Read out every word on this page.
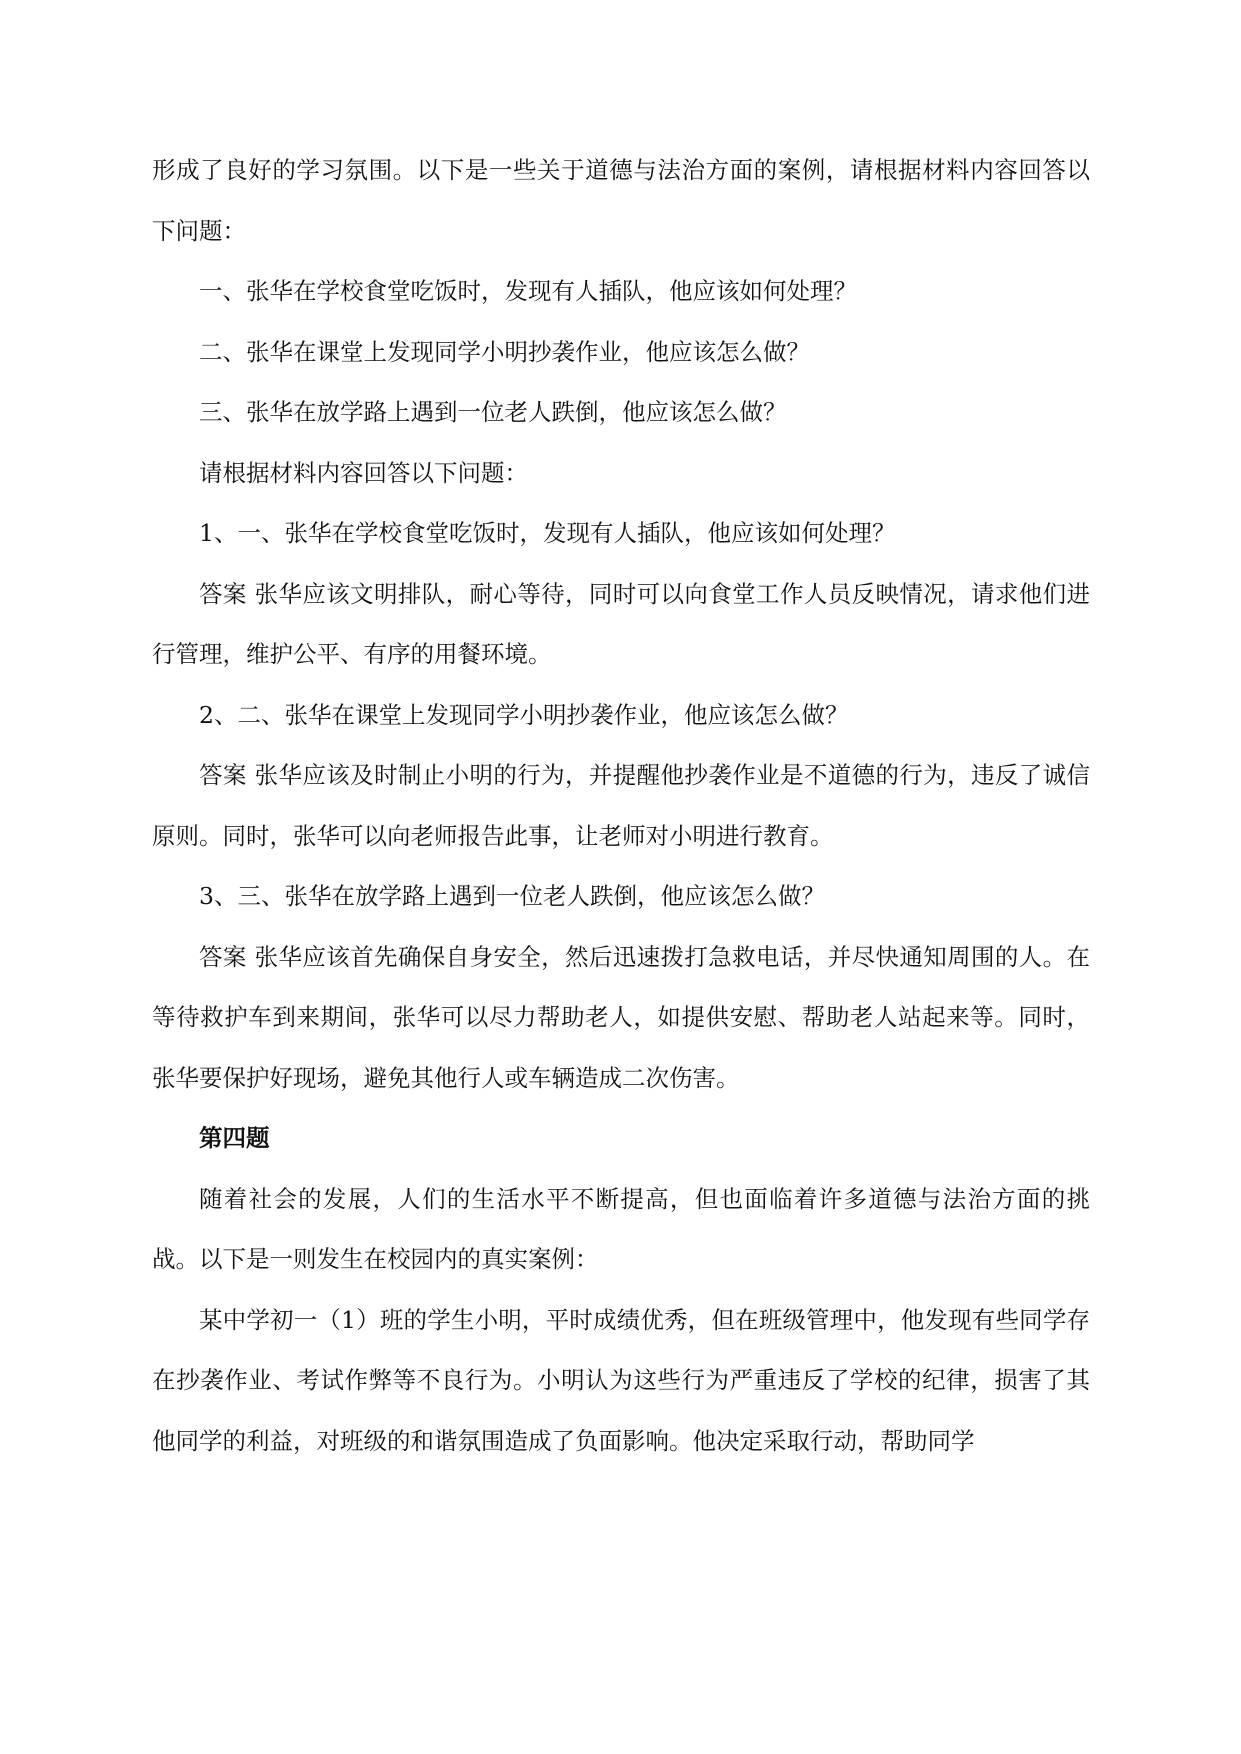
形成了良好的学习氛围。以下是一些关于道德与法治方面的案例，请根据材料内容回答以下问题：

一、张华在学校食堂吃饭时，发现有人插队，他应该如何处理？

二、张华在课堂上发现同学小明抄袭作业，他应该怎么做？

三、张华在放学路上遇到一位老人跌倒，他应该怎么做？

请根据材料内容回答以下问题：

1、一、张华在学校食堂吃饭时，发现有人插队，他应该如何处理？

答案 张华应该文明排队，耐心等待，同时可以向食堂工作人员反映情况，请求他们进行管理，维护公平、有序的用餐环境。

2、二、张华在课堂上发现同学小明抄袭作业，他应该怎么做？

答案 张华应该及时制止小明的行为，并提醒他抄袭作业是不道德的行为，违反了诚信原则。同时，张华可以向老师报告此事，让老师对小明进行教育。

3、三、张华在放学路上遇到一位老人跌倒，他应该怎么做？

答案 张华应该首先确保自身安全，然后迅速拨打急救电话，并尽快通知周围的人。在等待救护车到来期间，张华可以尽力帮助老人，如提供安慰、帮助老人站起来等。同时，张华要保护好现场，避免其他行人或车辆造成二次伤害。

第四题

随着社会的发展，人们的生活水平不断提高，但也面临着许多道德与法治方面的挑战。以下是一则发生在校园内的真实案例：

某中学初一（1）班的学生小明，平时成绩优秀，但在班级管理中，他发现有些同学存在抄袭作业、考试作弊等不良行为。小明认为这些行为严重违反了学校的纪律，损害了其他同学的利益，对班级的和谐氛围造成了负面影响。他决定采取行动，帮助同学
